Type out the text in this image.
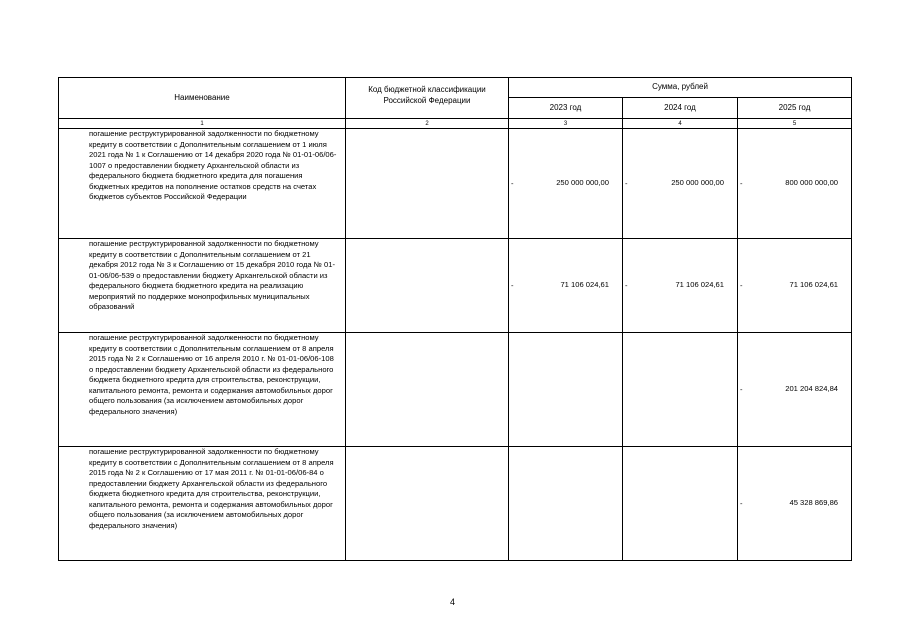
Наименование	Код бюджетной классификации Российской Федерации	Сумма, рублей		
		2023 год	2024 год	2025 год
1	2	3	4	5
погашение реструктурированной задолженности по бюджетному кредиту в соответствии с Дополнительным соглашением от 1 июля 2021 года № 1 к Соглашению от 14 декабря 2020 года № 01-01-06/06-1007 о предоставлении бюджету Архангельской области из федерального бюджета бюджетного кредита для погашения бюджетных кредитов на пополнение остатков средств на счетах бюджетов субъектов Российской Федерации		- 250 000 000,00	- 250 000 000,00	- 800 000 000,00
погашение реструктурированной задолженности по бюджетному кредиту в соответствии с Дополнительным соглашением от 21 декабря 2012 года № 3 к Соглашению от 15 декабря 2010 года № 01-01-06/06-539 о предоставлении бюджету Архангельской области из федерального бюджета бюджетного кредита на реализацию мероприятий по поддержке монопрофильных муниципальных образований		- 71 106 024,61	- 71 106 024,61	- 71 106 024,61
погашение реструктурированной задолженности по бюджетному кредиту в соответствии с Дополнительным соглашением от 8 апреля 2015 года № 2 к Соглашению от 16 апреля 2010 г. № 01-01-06/06-108 о предоставлении бюджету Архангельской области из федерального бюджета бюджетного кредита для строительства, реконструкции, капитального ремонта, ремонта и содержания автомобильных дорог общего пользования (за исключением автомобильных дорог федерального значения)				- 201 204 824,84
погашение реструктурированной задолженности по бюджетному кредиту в соответствии с Дополнительным соглашением от 8 апреля 2015 года № 2 к Соглашению от 17 мая 2011 г. № 01-01-06/06-84 о предоставлении бюджету Архангельской области из федерального бюджета бюджетного кредита для строительства, реконструкции, капитального ремонта, ремонта и содержания автомобильных дорог общего пользования (за исключением автомобильных дорог федерального значения)				- 45 328 869,86
4
